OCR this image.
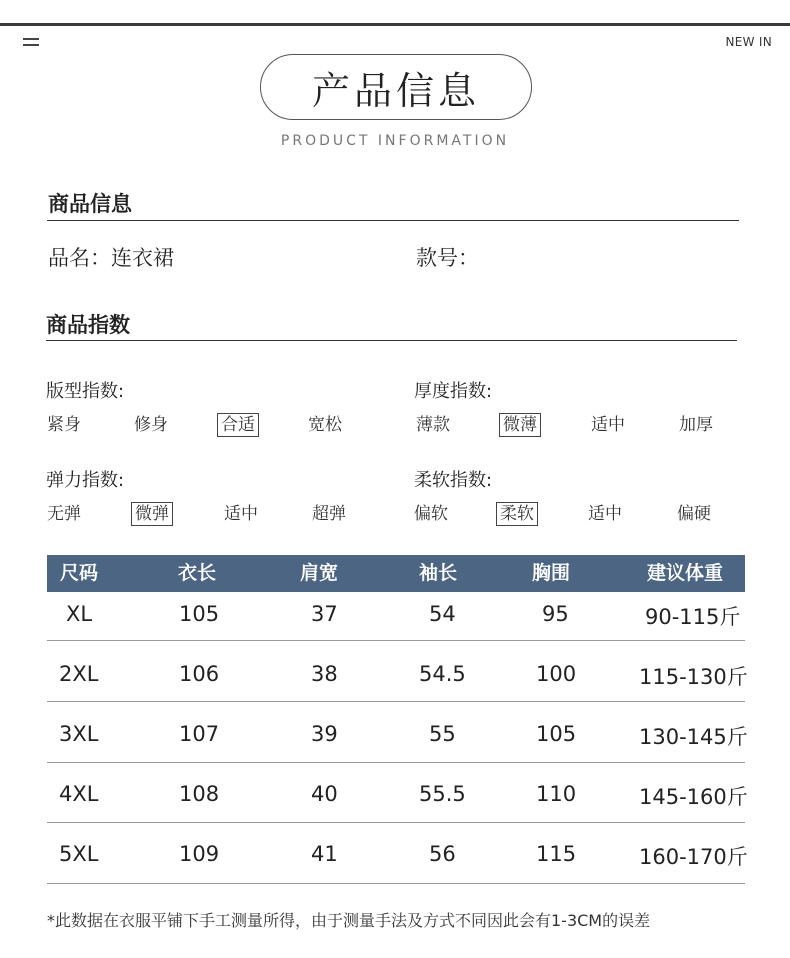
NEW IN
产品信息
PRODUCT INFORMATION
商品信息
品名：连衣裙	款号：
商品指数
版型指数:
紧身	修身	合适	宽松
厚度指数:
薄款	微薄	适中	加厚
弹力指数:
无弹	微弹	适中	超弹
柔软指数:
偏软	柔软	适中	偏硬
尺码	衣长	肩宽	袖长	胸围	建议体重
XL	105	37	54	95	90-115斤
2XL	106	38	54.5	100	115-130斤
3XL	107	39	55	105	130-145斤
4XL	108	40	55.5	110	145-160斤
5XL	109	41	56	115	160-170斤
*此数据在衣服平铺下手工测量所得，由于测量手法及方式不同因此会有1-3CM的误差
